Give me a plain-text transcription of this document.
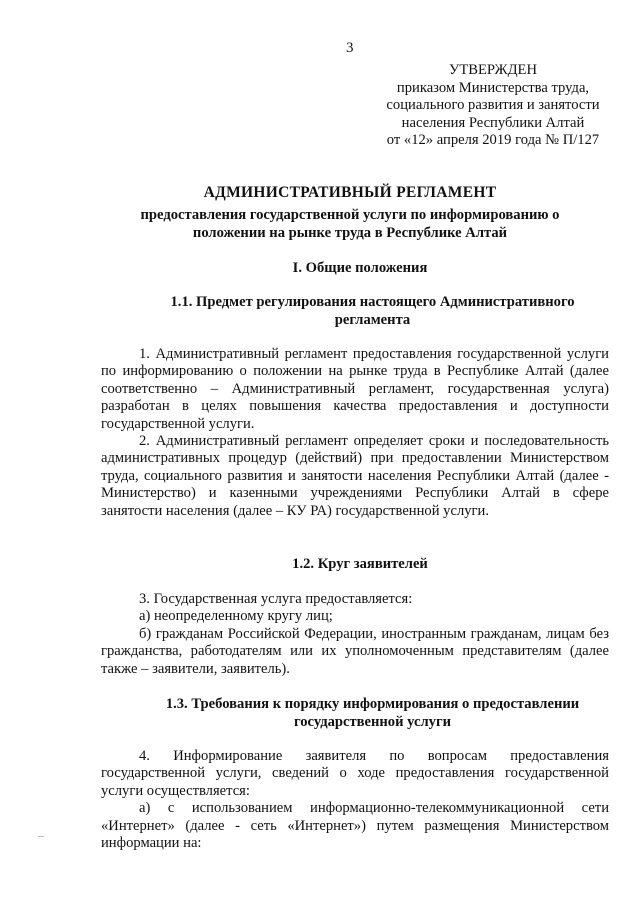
3
УТВЕРЖДЕН
приказом Министерства труда,
социального развития и занятости
населения Республики Алтай
от «12» апреля 2019 года № П/127
АДМИНИСТРАТИВНЫЙ РЕГЛАМЕНТ
предоставления государственной услуги по информированию о положении на рынке труда в Республике Алтай
I. Общие положения
1.1. Предмет регулирования настоящего Административного регламента

1. Административный регламент предоставления государственной услуги по информированию о положении на рынке труда в Республике Алтай (далее соответственно – Административный регламент, государственная услуга) разработан в целях повышения качества предоставления и доступности государственной услуги.

2. Административный регламент определяет сроки и последовательность административных процедур (действий) при предоставлении Министерством труда, социального развития и занятости населения Республики Алтай (далее - Министерство) и казенными учреждениями Республики Алтай в сфере занятости населения (далее – КУ РА) государственной услуги.

1.2. Круг заявителей

3. Государственная услуга предоставляется:

а) неопределенному кругу лиц;

б) гражданам Российской Федерации, иностранным гражданам, лицам без гражданства, работодателям или их уполномоченным представителям (далее также – заявители, заявитель).

1.3. Требования к порядку информирования о предоставлении государственной услуги

4. Информирование заявителя по вопросам предоставления государственной услуги, сведений о ходе предоставления государственной услуги осуществляется:

а) с использованием информационно-телекоммуникационной сети «Интернет» (далее - сеть «Интернет») путем размещения Министерством информации на:
